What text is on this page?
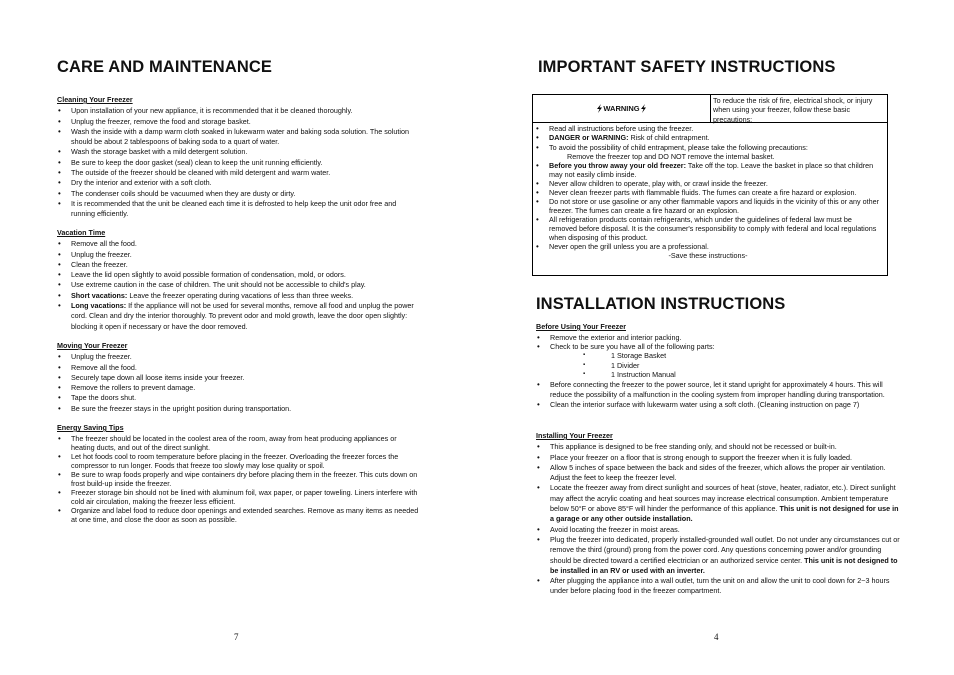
CARE AND MAINTENANCE
Cleaning Your Freezer
• Upon installation of your new appliance, it is recommended that it be cleaned thoroughly.
• Unplug the freezer, remove the food and storage basket.
• Wash the inside with a damp warm cloth soaked in lukewarm water and baking soda solution. The solution should be about 2 tablespoons of baking soda to a quart of water.
• Wash the storage basket with a mild detergent solution.
• Be sure to keep the door gasket (seal) clean to keep the unit running efficiently.
• The outside of the freezer should be cleaned with mild detergent and warm water.
• Dry the interior and exterior with a soft cloth.
• The condenser coils should be vacuumed when they are dusty or dirty.
• It is recommended that the unit be cleaned each time it is defrosted to help keep the unit odor free and running efficiently.
Vacation Time
• Remove all the food.
• Unplug the freezer.
• Clean the freezer.
• Leave the lid open slightly to avoid possible formation of condensation, mold, or odors.
• Use extreme caution in the case of children. The unit should not be accessible to child's play.
• Short vacations: Leave the freezer operating during vacations of less than three weeks.
• Long vacations: If the appliance will not be used for several months, remove all food and unplug the power cord. Clean and dry the interior thoroughly. To prevent odor and mold growth, leave the door open slightly: blocking it open if necessary or have the door removed.
Moving Your Freezer
• Unplug the freezer.
• Remove all the food.
• Securely tape down all loose items inside your freezer.
• Remove the rollers to prevent damage.
• Tape the doors shut.
• Be sure the freezer stays in the upright position during transportation.
Energy Saving Tips
• The freezer should be located in the coolest area of the room, away from heat producing appliances or heating ducts, and out of the direct sunlight.
• Let hot foods cool to room temperature before placing in the freezer. Overloading the freezer forces the compressor to run longer. Foods that freeze too slowly may lose quality or spoil.
• Be sure to wrap foods properly and wipe containers dry before placing them in the freezer. This cuts down on frost build-up inside the freezer.
• Freezer storage bin should not be lined with aluminum foil, wax paper, or paper toweling. Liners interfere with cold air circulation, making the freezer less efficient.
• Organize and label food to reduce door openings and extended searches. Remove as many items as needed at one time, and close the door as soon as possible.
7
IMPORTANT SAFETY INSTRUCTIONS
WARNING
To reduce the risk of fire, electrical shock, or injury when using your freezer, follow these basic precautions:
• Read all instructions before using the freezer.
• DANGER or WARNING: Risk of child entrapment.
• To avoid the possibility of child entrapment, please take the following precautions:
Remove the freezer top and DO NOT remove the internal basket.
• Before you throw away your old freezer: Take off the top. Leave the basket in place so that children may not easily climb inside.
• Never allow children to operate, play with, or crawl inside the freezer.
• Never clean freezer parts with flammable fluids. The fumes can create a fire hazard or explosion.
• Do not store or use gasoline or any other flammable vapors and liquids in the vicinity of this or any other freezer. The fumes can create a fire hazard or an explosion.
• All refrigeration products contain refrigerants, which under the guidelines of federal law must be removed before disposal. It is the consumer's responsibility to comply with federal and local regulations when disposing of this product.
• Never open the grill unless you are a professional.
-Save these instructions-
INSTALLATION INSTRUCTIONS
Before Using Your Freezer
• Remove the exterior and interior packing.
• Check to be sure you have all of the following parts:
▪ 1 Storage Basket
▪ 1 Divider
▪ 1 Instruction Manual
• Before connecting the freezer to the power source, let it stand upright for approximately 4 hours. This will reduce the possibility of a malfunction in the cooling system from improper handling during transportation.
• Clean the interior surface with lukewarm water using a soft cloth. (Cleaning instruction on page 7)
Installing Your Freezer
• This appliance is designed to be free standing only, and should not be recessed or built-in.
• Place your freezer on a floor that is strong enough to support the freezer when it is fully loaded.
• Allow 5 inches of space between the back and sides of the freezer, which allows the proper air ventilation. Adjust the feet to keep the freezer level.
• Locate the freezer away from direct sunlight and sources of heat (stove, heater, radiator, etc.). Direct sunlight may affect the acrylic coating and heat sources may increase electrical consumption. Ambient temperature below 50°F or above 85°F will hinder the performance of this appliance. This unit is not designed for use in a garage or any other outside installation.
• Avoid locating the freezer in moist areas.
• Plug the freezer into dedicated, properly installed-grounded wall outlet. Do not under any circumstances cut or remove the third (ground) prong from the power cord. Any questions concerning power and/or grounding should be directed toward a certified electrician or an authorized service center. This unit is not designed to be installed in an RV or used with an inverter.
• After plugging the appliance into a wall outlet, turn the unit on and allow the unit to cool down for 2~3 hours under before placing food in the freezer compartment.
4
